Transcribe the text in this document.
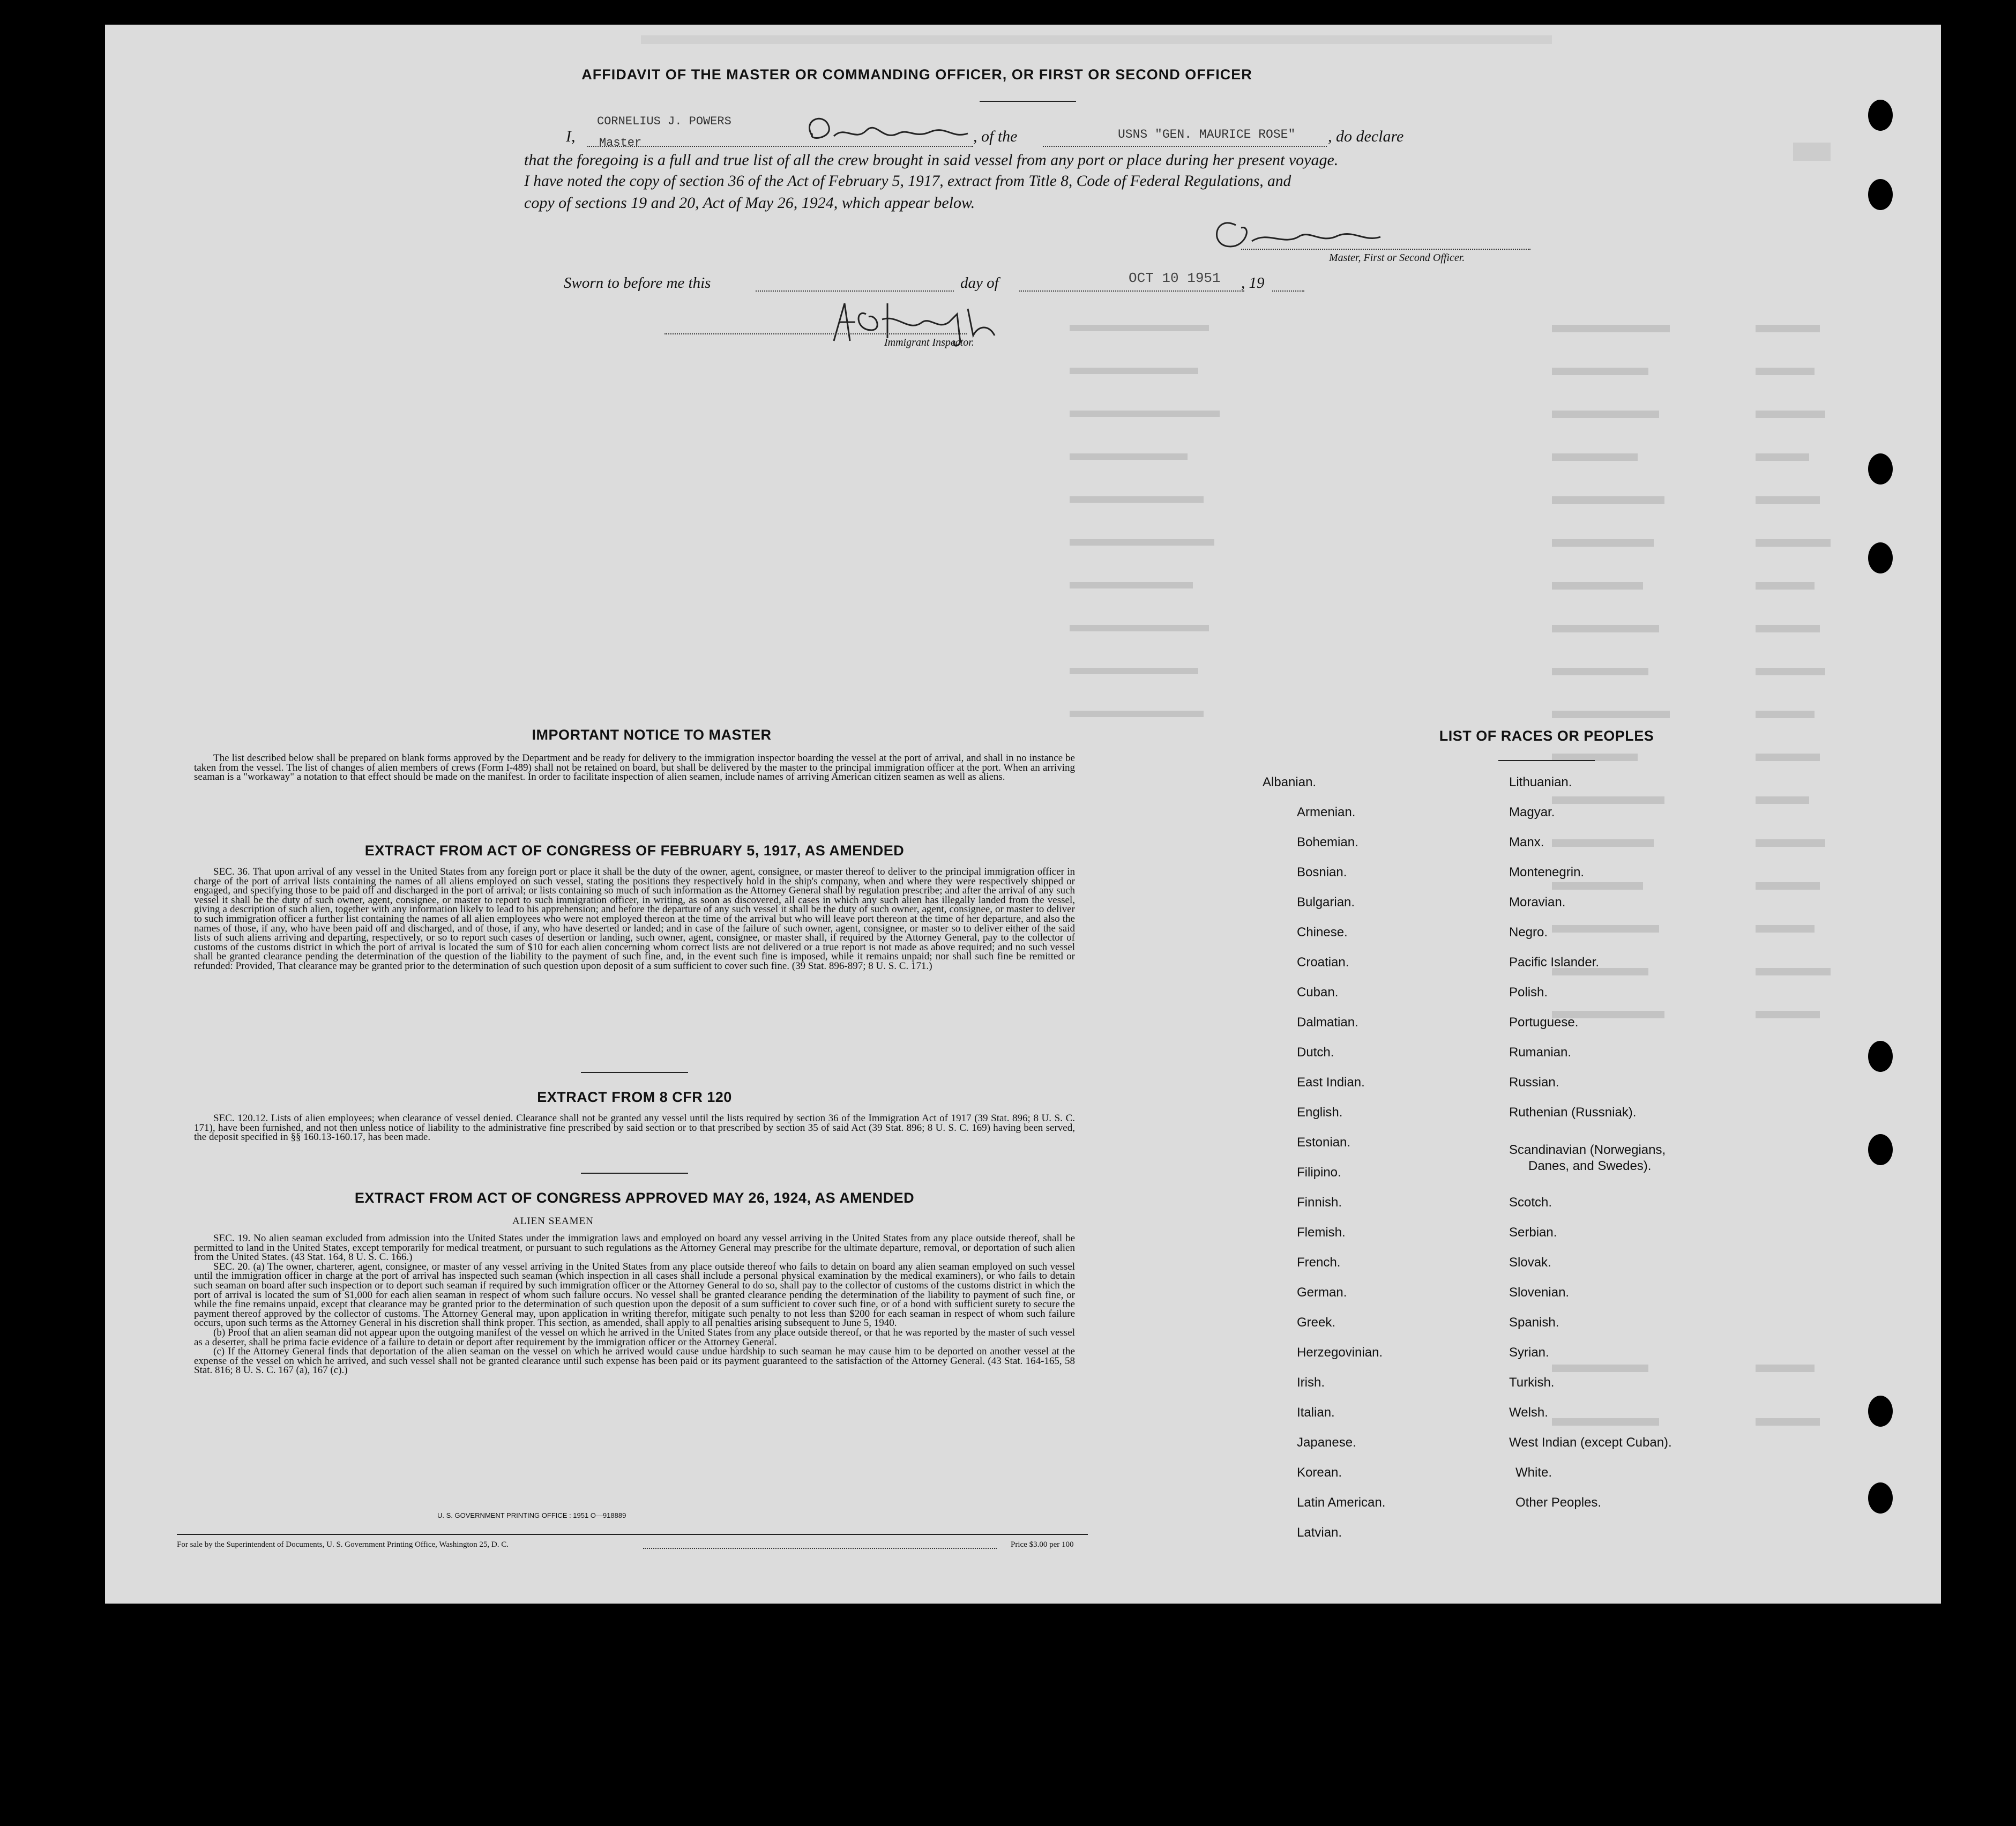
AFFIDAVIT OF THE MASTER OR COMMANDING OFFICER, OR FIRST OR SECOND OFFICER
CORNELIUS J. POWERS
I, Master	, of the	USNS "GEN. MAURICE ROSE" , do declare
that the foregoing is a full and true list of all the crew brought in said vessel from any port or place during her present voyage.
I have noted the copy of section 36 of the Act of February 5, 1917, extract from Title 8, Code of Federal Regulations, and
copy of sections 19 and 20, Act of May 26, 1924, which appear below.
Master, First or Second Officer.
Sworn to before me this	day of	OCT 10 1951 , 19
Immigrant Inspector.
IMPORTANT NOTICE TO MASTER

The list described below shall be prepared on blank forms approved by the Department and be ready for delivery to the immigration inspector boarding the vessel at the port of arrival, and shall in no instance be taken from the vessel. The list of changes of alien members of crews (Form I-489) shall not be retained on board, but shall be delivered by the master to the principal immigration officer at the port. When an arriving seaman is a "workaway" a notation to that effect should be made on the manifest. In order to facilitate inspection of alien seamen, include names of arriving American citizen seamen as well as aliens.

EXTRACT FROM ACT OF CONGRESS OF FEBRUARY 5, 1917, AS AMENDED

SEC. 36. That upon arrival of any vessel in the United States from any foreign port or place it shall be the duty of the owner, agent, consignee, or master thereof to deliver to the principal immigration officer in charge of the port of arrival lists containing the names of all aliens employed on such vessel, stating the positions they respectively hold in the ship's company, when and where they were respectively shipped or engaged, and specifying those to be paid off and discharged in the port of arrival; or lists containing so much of such information as the Attorney General shall by regulation prescribe; and after the arrival of any such vessel it shall be the duty of such owner, agent, consignee, or master to report to such immigration officer, in writing, as soon as discovered, all cases in which any such alien has illegally landed from the vessel, giving a description of such alien, together with any information likely to lead to his apprehension; and before the departure of any such vessel it shall be the duty of such owner, agent, consignee, or master to deliver to such immigration officer a further list containing the names of all alien employees who were not employed thereon at the time of the arrival but who will leave port thereon at the time of her departure, and also the names of those, if any, who have been paid off and discharged, and of those, if any, who have deserted or landed; and in case of the failure of such owner, agent, consignee, or master so to deliver either of the said lists of such aliens arriving and departing, respectively, or so to report such cases of desertion or landing, such owner, agent, consignee, or master shall, if required by the Attorney General, pay to the collector of customs of the customs district in which the port of arrival is located the sum of $10 for each alien concerning whom correct lists are not delivered or a true report is not made as above required; and no such vessel shall be granted clearance pending the determination of the question of the liability to the payment of such fine, and, in the event such fine is imposed, while it remains unpaid; nor shall such fine be remitted or refunded: Provided, That clearance may be granted prior to the determination of such question upon deposit of a sum sufficient to cover such fine. (39 Stat. 896-897; 8 U. S. C. 171.)

EXTRACT FROM 8 CFR 120

SEC. 120.12. Lists of alien employees; when clearance of vessel denied. Clearance shall not be granted any vessel until the lists required by section 36 of the Immigration Act of 1917 (39 Stat. 896; 8 U. S. C. 171), have been furnished, and not then unless notice of liability to the administrative fine prescribed by said section or to that prescribed by section 35 of said Act (39 Stat. 896; 8 U. S. C. 169) having been served, the deposit specified in §§ 160.13-160.17, has been made.

EXTRACT FROM ACT OF CONGRESS APPROVED MAY 26, 1924, AS AMENDED
ALIEN SEAMEN

SEC. 19. No alien seaman excluded from admission into the United States under the immigration laws and employed on board any vessel arriving in the United States from any place outside thereof, shall be permitted to land in the United States, except temporarily for medical treatment, or pursuant to such regulations as the Attorney General may prescribe for the ultimate departure, removal, or deportation of such alien from the United States. (43 Stat. 164, 8 U. S. C. 166.)

SEC. 20. (a) The owner, charterer, agent, consignee, or master of any vessel arriving in the United States from any place outside thereof who fails to detain on board any alien seaman employed on such vessel until the immigration officer in charge at the port of arrival has inspected such seaman (which inspection in all cases shall include a personal physical examination by the medical examiners), or who fails to detain such seaman on board after such inspection or to deport such seaman if required by such immigration officer or the Attorney General to do so, shall pay to the collector of customs of the customs district in which the port of arrival is located the sum of $1,000 for each alien seaman in respect of whom such failure occurs. No vessel shall be granted clearance pending the determination of the liability to payment of such fine, or while the fine remains unpaid, except that clearance may be granted prior to the determination of such question upon the deposit of a sum sufficient to cover such fine, or of a bond with sufficient surety to secure the payment thereof approved by the collector of customs. The Attorney General may, upon application in writing therefor, mitigate such penalty to not less than $200 for each seaman in respect of whom such failure occurs, upon such terms as the Attorney General in his discretion shall think proper. This section, as amended, shall apply to all penalties arising subsequent to June 5, 1940.

(b) Proof that an alien seaman did not appear upon the outgoing manifest of the vessel on which he arrived in the United States from any place outside thereof, or that he was reported by the master of such vessel as a deserter, shall be prima facie evidence of a failure to detain or deport after requirement by the immigration officer or the Attorney General.

(c) If the Attorney General finds that deportation of the alien seaman on the vessel on which he arrived would cause undue hardship to such seaman he may cause him to be deported on another vessel at the expense of the vessel on which he arrived, and such vessel shall not be granted clearance until such expense has been paid or its payment guaranteed to the satisfaction of the Attorney General. (43 Stat. 164-165, 58 Stat. 816; 8 U. S. C. 167 (a), 167 (c).)

U. S. GOVERNMENT PRINTING OFFICE : 1951 O—918889
For sale by the Superintendent of Documents, U. S. Government Printing Office, Washington 25, D. C.	Price $3.00 per 100
LIST OF RACES OR PEOPLES
Albanian.
Armenian.
Bohemian.
Bosnian.
Bulgarian.
Chinese.
Croatian.
Cuban.
Dalmatian.
Dutch.
East Indian.
English.
Estonian.
Filipino.
Finnish.
Flemish.
French.
German.
Greek.
Herzegovinian.
Irish.
Italian.
Japanese.
Korean.
Latin American.
Latvian.
Lithuanian.
Magyar.
Manx.
Montenegrin.
Moravian.
Negro.
Pacific Islander.
Polish.
Portuguese.
Rumanian.
Russian.
Ruthenian (Russniak).
Scandinavian (Norwegians,
Danes, and Swedes).
Scotch.
Serbian.
Slovak.
Slovenian.
Spanish.
Syrian.
Turkish.
Welsh.
West Indian (except Cuban).
White.
Other Peoples.
